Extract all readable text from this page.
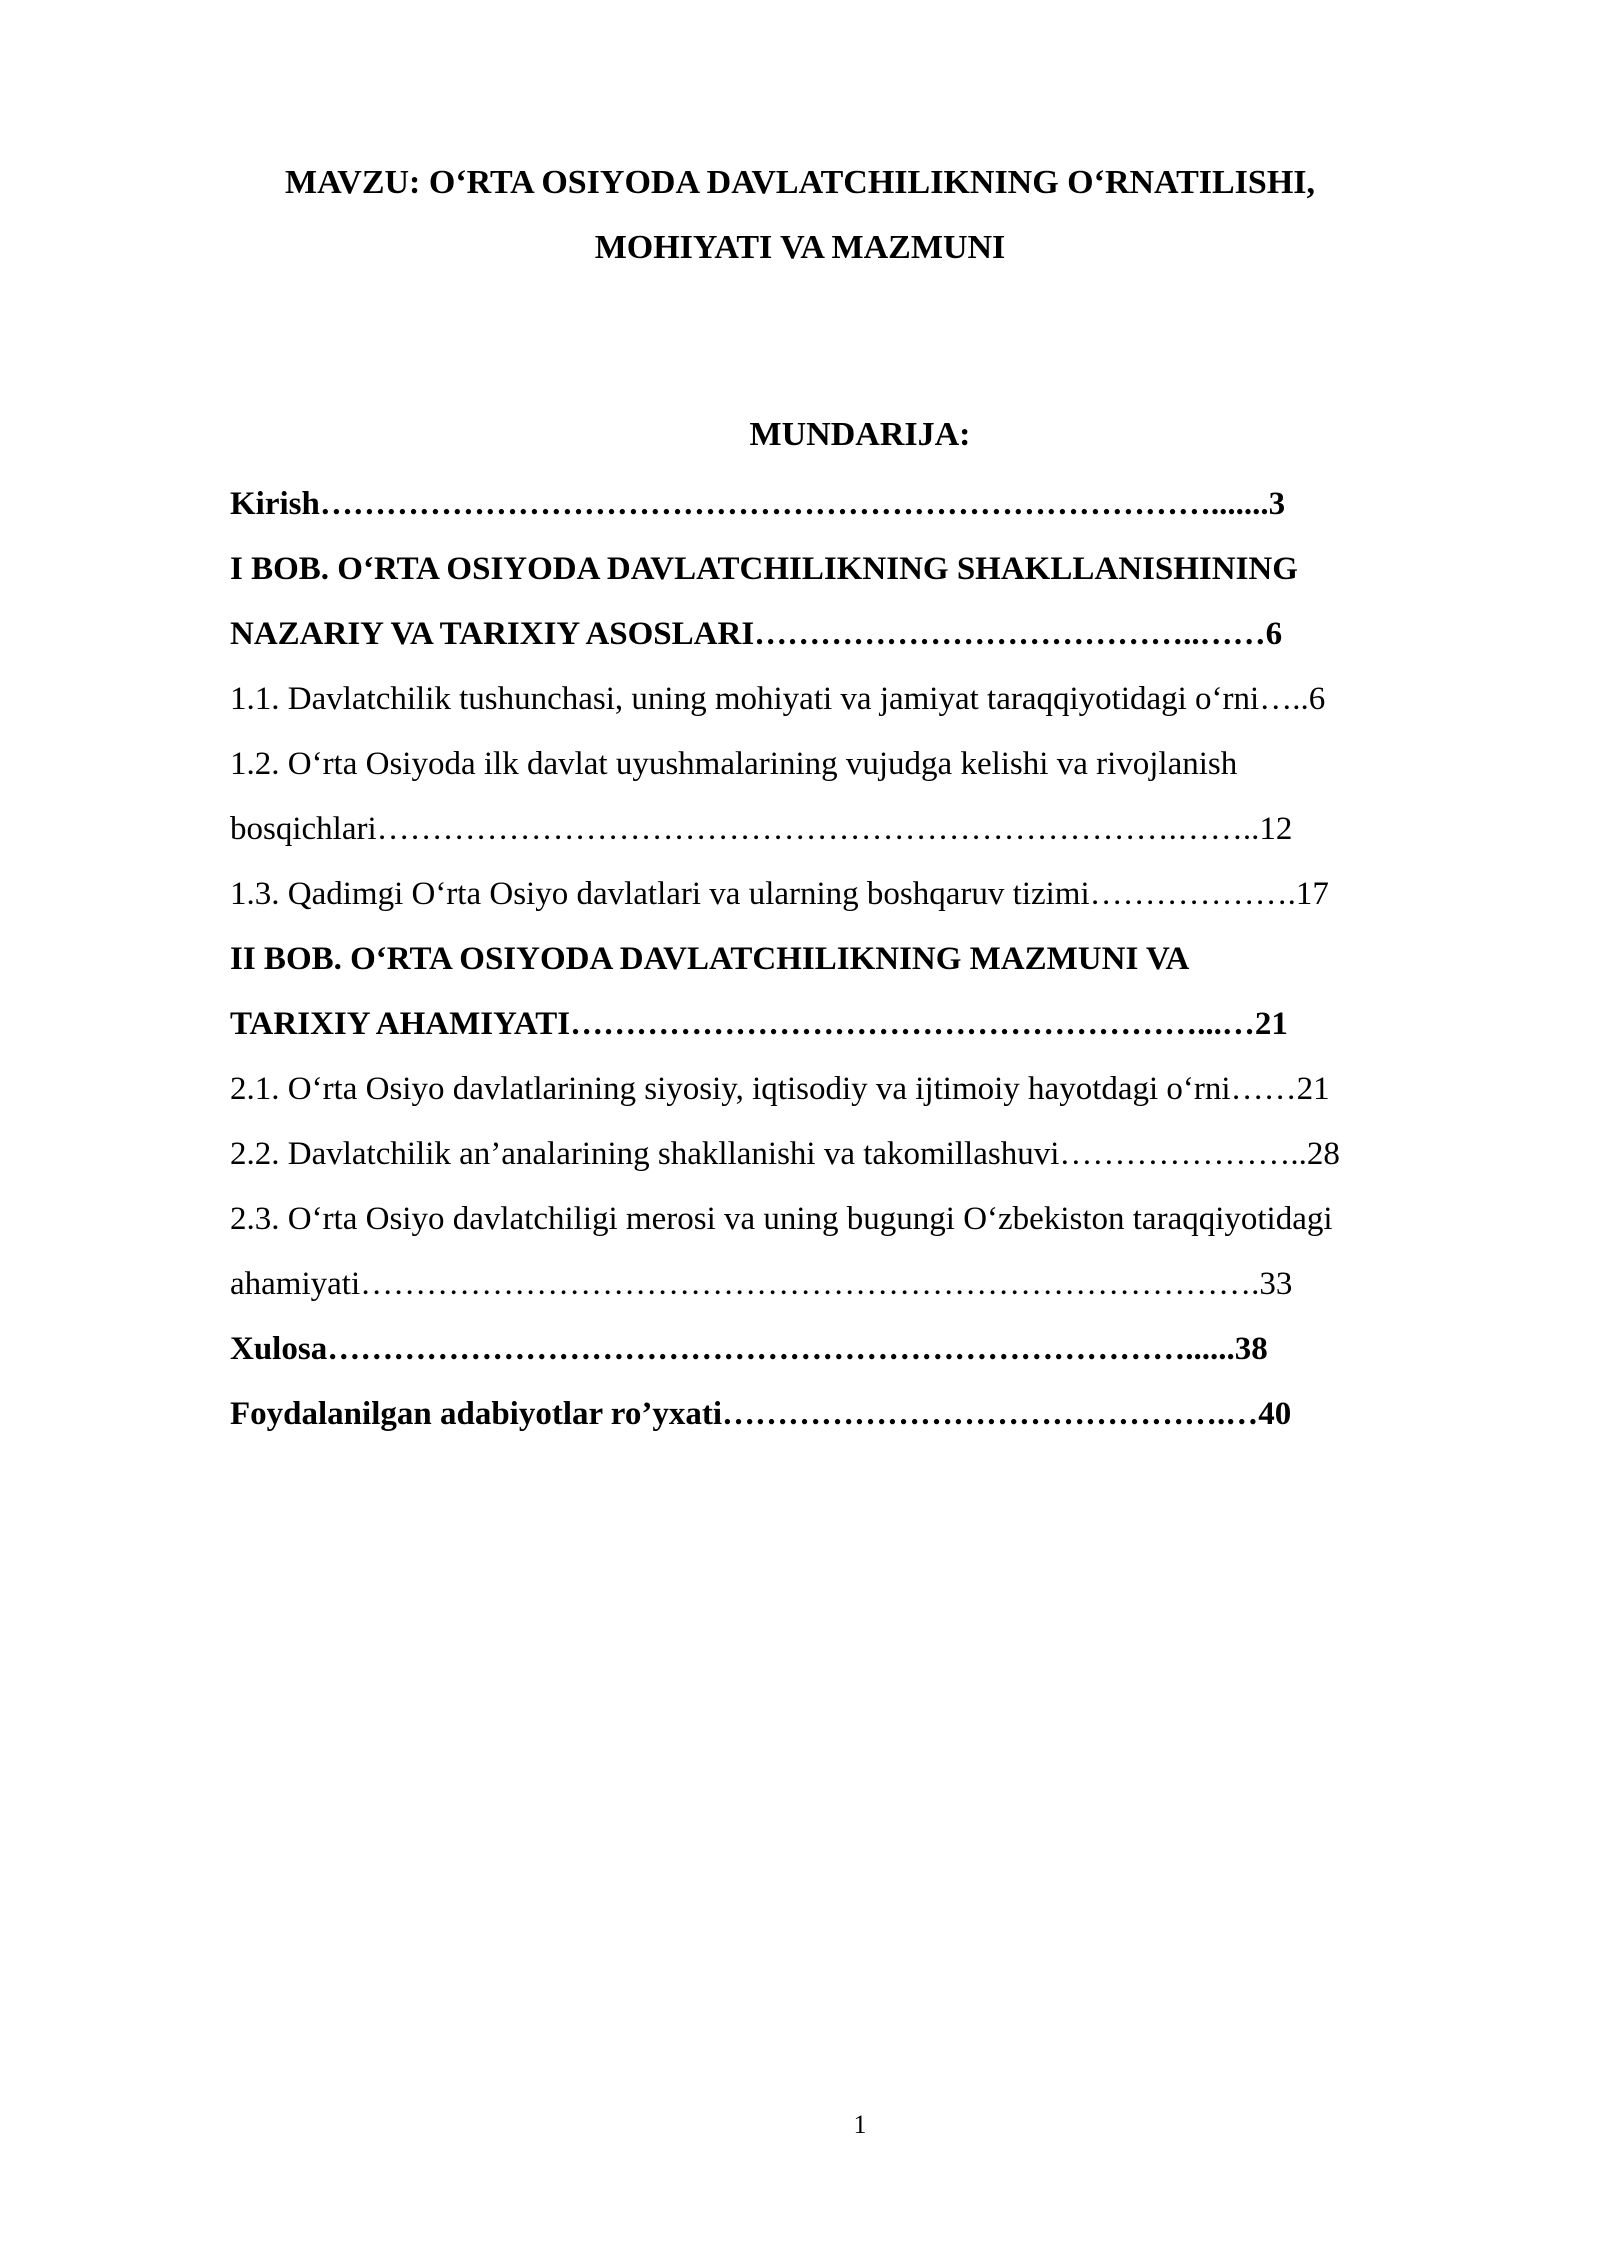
MAVZU: O‘RTA OSIYODA DAVLATCHILIKNING O‘RNATILISHI,
MOHIYATI VA MAZMUNI
MUNDARIJA:
Kirish……………………………………………………………………….......3
I BOB. O‘RTA OSIYODA DAVLATCHILIKNING SHAKLLANISHINING
NAZARIY VA TARIXIY ASOSLARI…………………………………..……6
1.1. Davlatchilik tushunchasi, uning mohiyati va jamiyat taraqqiyotidagi o‘rni…..6
1.2. O‘rta Osiyoda ilk davlat uyushmalarining vujudga kelishi va rivojlanish
bosqichlari……………………………………………………………….……..12
1.3. Qadimgi O‘rta Osiyo davlatlari va ularning boshqaruv tizimi……………….17
II BOB. O‘RTA OSIYODA DAVLATCHILIKNING MAZMUNI VA
TARIXIY AHAMIYATI…………………………………………………...…21
2.1. O‘rta Osiyo davlatlarining siyosiy, iqtisodiy va ijtimoiy hayotdagi o‘rni……21
2.2. Davlatchilik an’analarining shakllanishi va takomillashuvi…………………..28
2.3. O‘rta Osiyo davlatchiligi merosi va uning bugungi O‘zbekiston taraqqiyotidagi
ahamiyati……………………………………………………………………….33
Xulosa……………………………………………………………………......38
Foydalanilgan adabiyotlar ro’yxati……………………………………….…40
1
